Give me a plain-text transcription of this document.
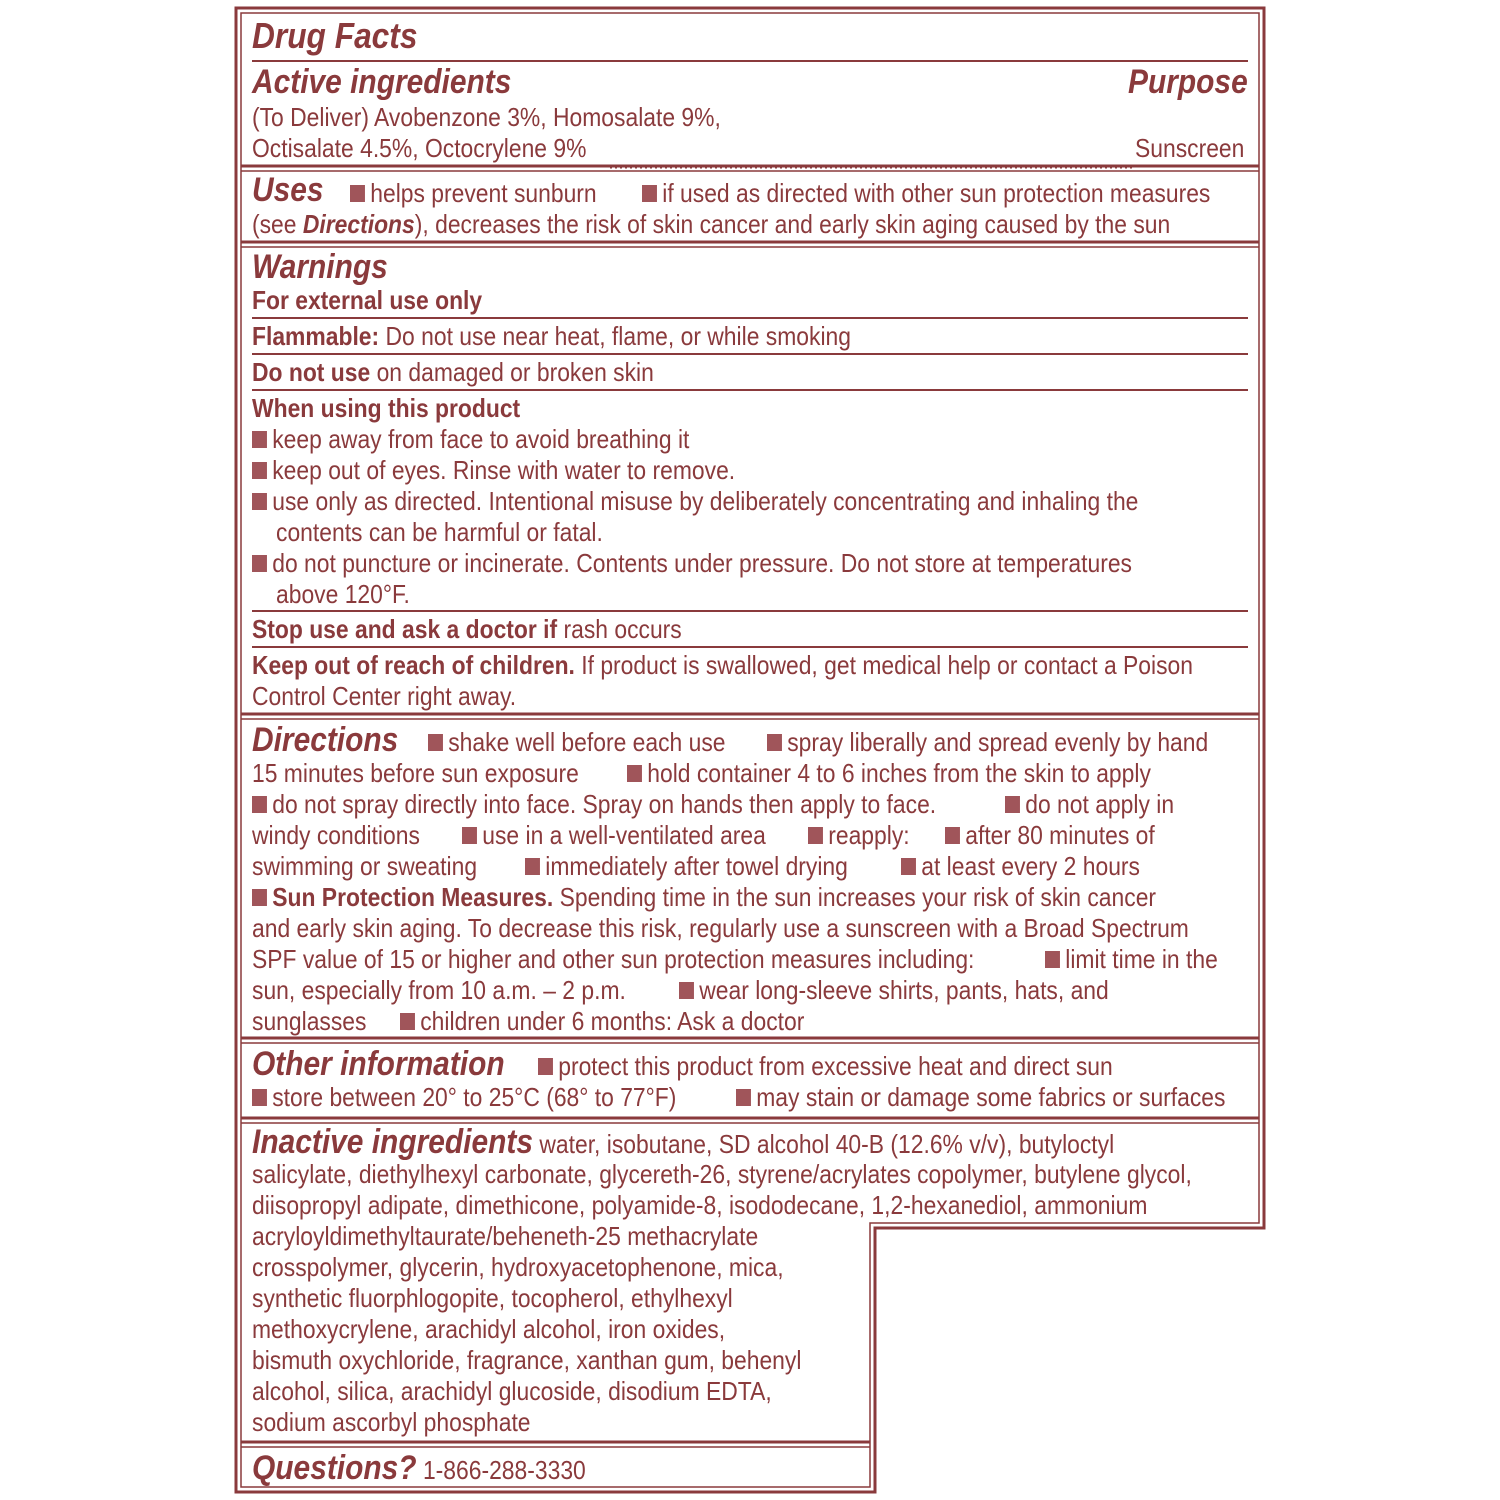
Drug Facts
Active ingredients	Purpose
(To Deliver) Avobenzone 3%, Homosalate 9%,
Octisalate 4.5%, Octocrylene 9%	Sunscreen
Uses	helps prevent sunburn	if used as directed with other sun protection measures
(see Directions), decreases the risk of skin cancer and early skin aging caused by the sun
Warnings
For external use only
Flammable: Do not use near heat, flame, or while smoking
Do not use on damaged or broken skin
When using this product
keep away from face to avoid breathing it
keep out of eyes. Rinse with water to remove.
use only as directed. Intentional misuse by deliberately concentrating and inhaling the
contents can be harmful or fatal.
do not puncture or incinerate. Contents under pressure. Do not store at temperatures
above 120°F.
Stop use and ask a doctor if rash occurs
Keep out of reach of children. If product is swallowed, get medical help or contact a Poison
Control Center right away.
Directions	shake well before each use	spray liberally and spread evenly by hand
15 minutes before sun exposure	hold container 4 to 6 inches from the skin to apply
do not spray directly into face. Spray on hands then apply to face.	do not apply in
windy conditions	use in a well-ventilated area	reapply:	after 80 minutes of
swimming or sweating	immediately after towel drying	at least every 2 hours
Sun Protection Measures. Spending time in the sun increases your risk of skin cancer
and early skin aging. To decrease this risk, regularly use a sunscreen with a Broad Spectrum
SPF value of 15 or higher and other sun protection measures including:	limit time in the
sun, especially from 10 a.m. – 2 p.m.	wear long-sleeve shirts, pants, hats, and
sunglasses	children under 6 months: Ask a doctor
Other information	protect this product from excessive heat and direct sun
store between 20° to 25°C (68° to 77°F)	may stain or damage some fabrics or surfaces
Inactive ingredients water, isobutane, SD alcohol 40-B (12.6% v/v), butyloctyl
salicylate, diethylhexyl carbonate, glycereth-26, styrene/acrylates copolymer, butylene glycol,
diisopropyl adipate, dimethicone, polyamide-8, isododecane, 1,2-hexanediol, ammonium
acryloyldimethyltaurate/beheneth-25 methacrylate
crosspolymer, glycerin, hydroxyacetophenone, mica,
synthetic fluorphlogopite, tocopherol, ethylhexyl
methoxycrylene, arachidyl alcohol, iron oxides,
bismuth oxychloride, fragrance, xanthan gum, behenyl
alcohol, silica, arachidyl glucoside, disodium EDTA,
sodium ascorbyl phosphate
Questions? 1-866-288-3330
